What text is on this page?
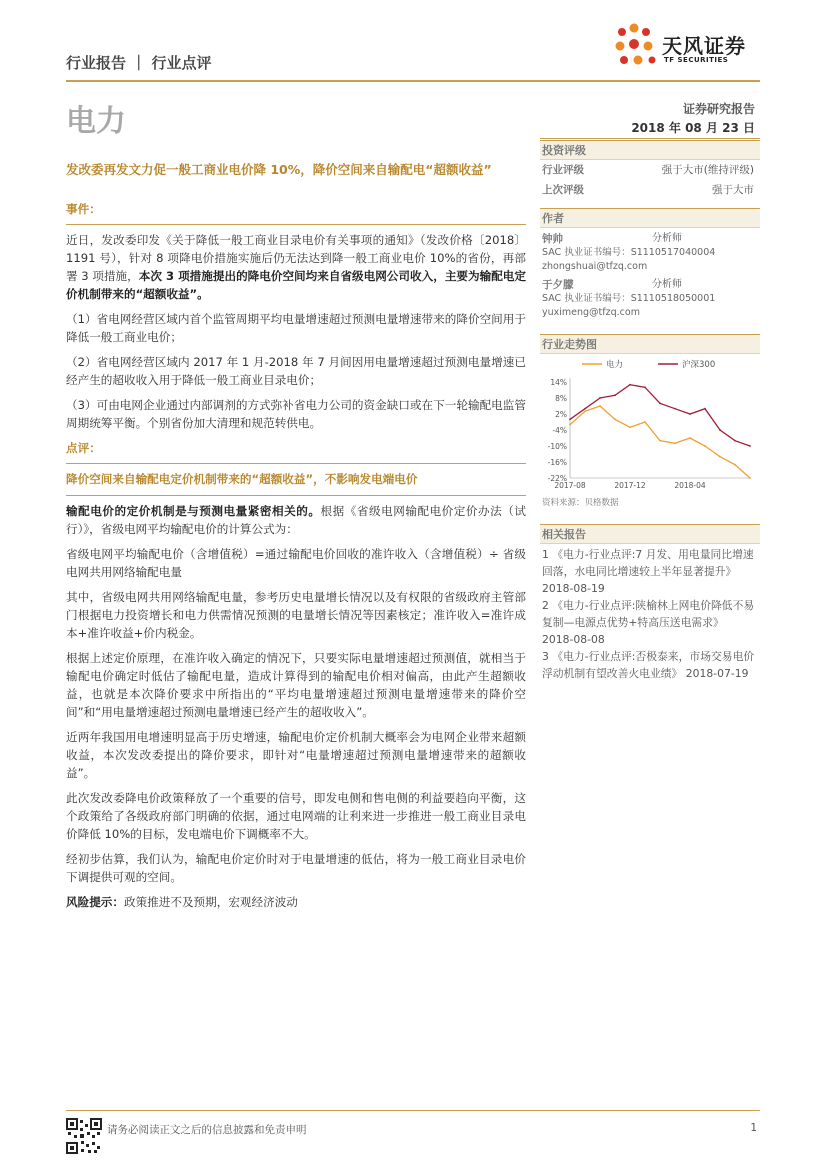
行业报告 ｜ 行业点评
天风证券
TF SECURITIES
电力	证券研究报告
2018 年 08 月 23 日
发改委再发文力促一般工商业电价降 10%，降价空间来自输配电“超额收益”
事件：

近日，发改委印发《关于降低一般工商业目录电价有关事项的通知》（发改价格〔2018〕1191 号），针对 8 项降电价措施实施后仍无法达到降一般工商业电价 10%的省份，再部署 3 项措施，本次 3 项措施提出的降电价空间均来自省级电网公司收入，主要为输配电定价机制带来的“超额收益”。

（1）省电网经营区域内首个监管周期平均电量增速超过预测电量增速带来的降价空间用于降低一般工商业电价；

（2）省电网经营区域内 2017 年 1 月-2018 年 7 月间因用电量增速超过预测电量增速已经产生的超收收入用于降低一般工商业目录电价；

（3）可由电网企业通过内部调剂的方式弥补省电力公司的资金缺口或在下一轮输配电监管周期统筹平衡。个别省份加大清理和规范转供电。

点评：

降价空间来自输配电定价机制带来的“超额收益”，不影响发电端电价

输配电价的定价机制是与预测电量紧密相关的。根据《省级电网输配电价定价办法（试行）》，省级电网平均输配电价的计算公式为：

省级电网平均输配电价（含增值税）=通过输配电价回收的准许收入（含增值税）÷ 省级电网共用网络输配电量

其中，省级电网共用网络输配电量，参考历史电量增长情况以及有权限的省级政府主管部门根据电力投资增长和电力供需情况预测的电量增长情况等因素核定；准许收入=准许成本+准许收益+价内税金。

根据上述定价原理，在准许收入确定的情况下，只要实际电量增速超过预测值，就相当于输配电价确定时低估了输配电量，造成计算得到的输配电价相对偏高，由此产生超额收益，也就是本次降价要求中所指出的“平均电量增速超过预测电量增速带来的降价空间”和“用电量增速超过预测电量增速已经产生的超收收入”。

近两年我国用电增速明显高于历史增速，输配电价定价机制大概率会为电网企业带来超额收益，本次发改委提出的降价要求，即针对“电量增速超过预测电量增速带来的超额收益”。

此次发改委降电价政策释放了一个重要的信号，即发电侧和售电侧的利益要趋向平衡，这个政策给了各级政府部门明确的依据，通过电网端的让利来进一步推进一般工商业目录电价降低 10%的目标，发电端电价下调概率不大。

经初步估算，我们认为，输配电价定价时对于电量增速的低估，将为一般工商业目录电价下调提供可观的空间。

风险提示：政策推进不及预期，宏观经济波动

投资评级
行业评级	强于大市(维持评级)
上次评级	强于大市
作者
钟帅	分析师
SAC 执业证书编号：S1110517040004
zhongshuai@tfzq.com
于夕朦	分析师
SAC 执业证书编号：S1110518050001
yuximeng@tfzq.com
行业走势图
14%
8%
2%
-4%
-10%
-16%
-22%
2017-08	2017-12	2018-04
电力	沪深300
资料来源：贝格数据
相关报告
1 《电力-行业点评:7 月发、用电量同比增速回落，水电同比增速较上半年显著提升》 2018-08-19
2 《电力-行业点评:陕榆林上网电价降低不易复制—电源点优势+特高压送电需求》 2018-08-08
3 《电力-行业点评:否极泰来，市场交易电价浮动机制有望改善火电业绩》 2018-07-19
请务必阅读正文之后的信息披露和免责申明	1
